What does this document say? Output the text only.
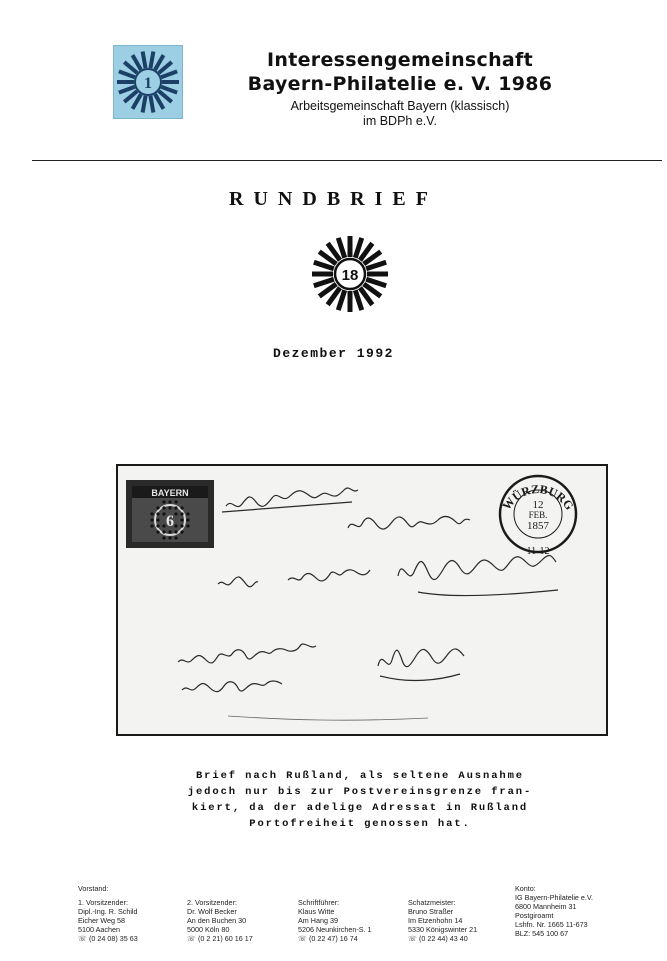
1
Interessengemeinschaft
Bayern-Philatelie e. V. 1986
Arbeitsgemeinschaft Bayern (klassisch)
im BDPh e.V.
RUNDBRIEF
18
Dezember 1992
BAYERN
6
WÜRZBURG
12
FEB.
1857
11-12
Brief nach Rußland, als seltene Ausnahme
jedoch nur bis zur Postvereinsgrenze fran-
kiert, da der adelige Adressat in Rußland
Portofreiheit genossen hat.
Vorstand:
1. Vorsitzender:
Dipl.-Ing. R. Schild
Eicher Weg 58
5100 Aachen
☏ (0 24 08) 35 63
2. Vorsitzender:
Dr. Wolf Becker
An den Buchen 30
5000 Köln 80
☏ (0 2 21) 60 16 17
Schriftführer:
Klaus Witte
Am Hang 39
5206 Neunkirchen-S. 1
☏ (0 22 47) 16 74
Schatzmeister:
Bruno Straßer
Im Etzenhohn 14
5330 Königswinter 21
☏ (0 22 44) 43 40
Konto:
IG Bayern-Philatelie e.V.
6800 Mannheim 31
Postgiroamt
Lshfn. Nr. 1665 11-673
BLZ: 545 100 67
